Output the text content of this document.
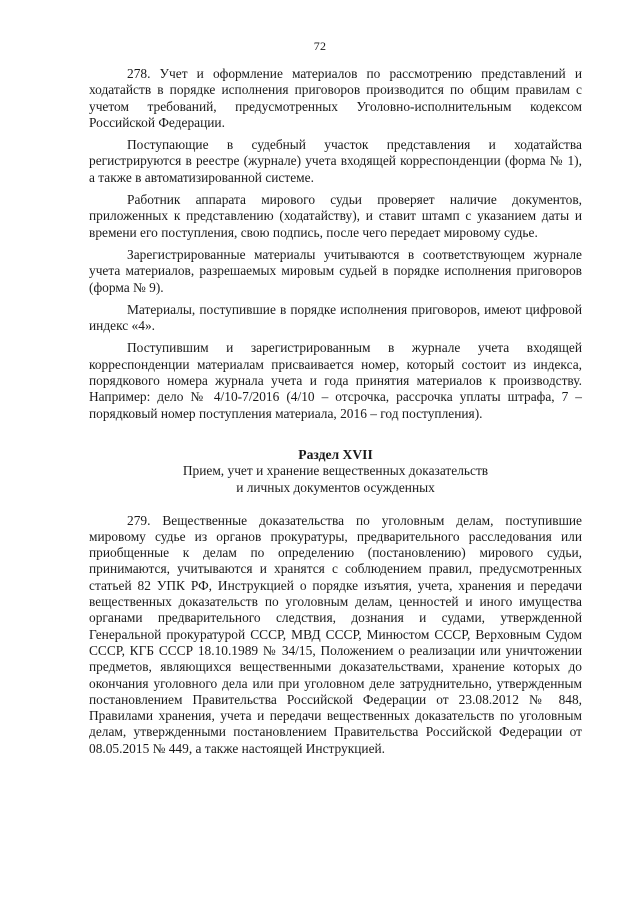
72

278. Учет и оформление материалов по рассмотрению представлений и ходатайств в порядке исполнения приговоров производится по общим правилам с учетом требований, предусмотренных Уголовно-исполнительным кодексом Российской Федерации.

Поступающие в судебный участок представления и ходатайства регистрируются в реестре (журнале) учета входящей корреспонденции (форма № 1), а также в автоматизированной системе.

Работник аппарата мирового судьи проверяет наличие документов, приложенных к представлению (ходатайству), и ставит штамп с указанием даты и времени его поступления, свою подпись, после чего передает мировому судье.

Зарегистрированные материалы учитываются в соответствующем журнале учета материалов, разрешаемых мировым судьей в порядке исполнения приговоров (форма № 9).

Материалы, поступившие в порядке исполнения приговоров, имеют цифровой индекс «4».

Поступившим и зарегистрированным в журнале учета входящей корреспонденции материалам присваивается номер, который состоит из индекса, порядкового номера журнала учета и года принятия материалов к производству. Например: дело № 4/10-7/2016 (4/10 – отсрочка, рассрочка уплаты штрафа, 7 – порядковый номер поступления материала, 2016 – год поступления).

Раздел XVII
Прием, учет и хранение вещественных доказательств
и личных документов осужденных

279. Вещественные доказательства по уголовным делам, поступившие мировому судье из органов прокуратуры, предварительного расследования или приобщенные к делам по определению (постановлению) мирового судьи, принимаются, учитываются и хранятся с соблюдением правил, предусмотренных статьей 82 УПК РФ, Инструкцией о порядке изъятия, учета, хранения и передачи вещественных доказательств по уголовным делам, ценностей и иного имущества органами предварительного следствия, дознания и судами, утвержденной Генеральной прокуратурой СССР, МВД СССР, Минюстом СССР, Верховным Судом СССР, КГБ СССР 18.10.1989 № 34/15, Положением о реализации или уничтожении предметов, являющихся вещественными доказательствами, хранение которых до окончания уголовного дела или при уголовном деле затруднительно, утвержденным постановлением Правительства Российской Федерации от 23.08.2012 № 848, Правилами хранения, учета и передачи вещественных доказательств по уголовным делам, утвержденными постановлением Правительства Российской Федерации от 08.05.2015 № 449, а также настоящей Инструкцией.
